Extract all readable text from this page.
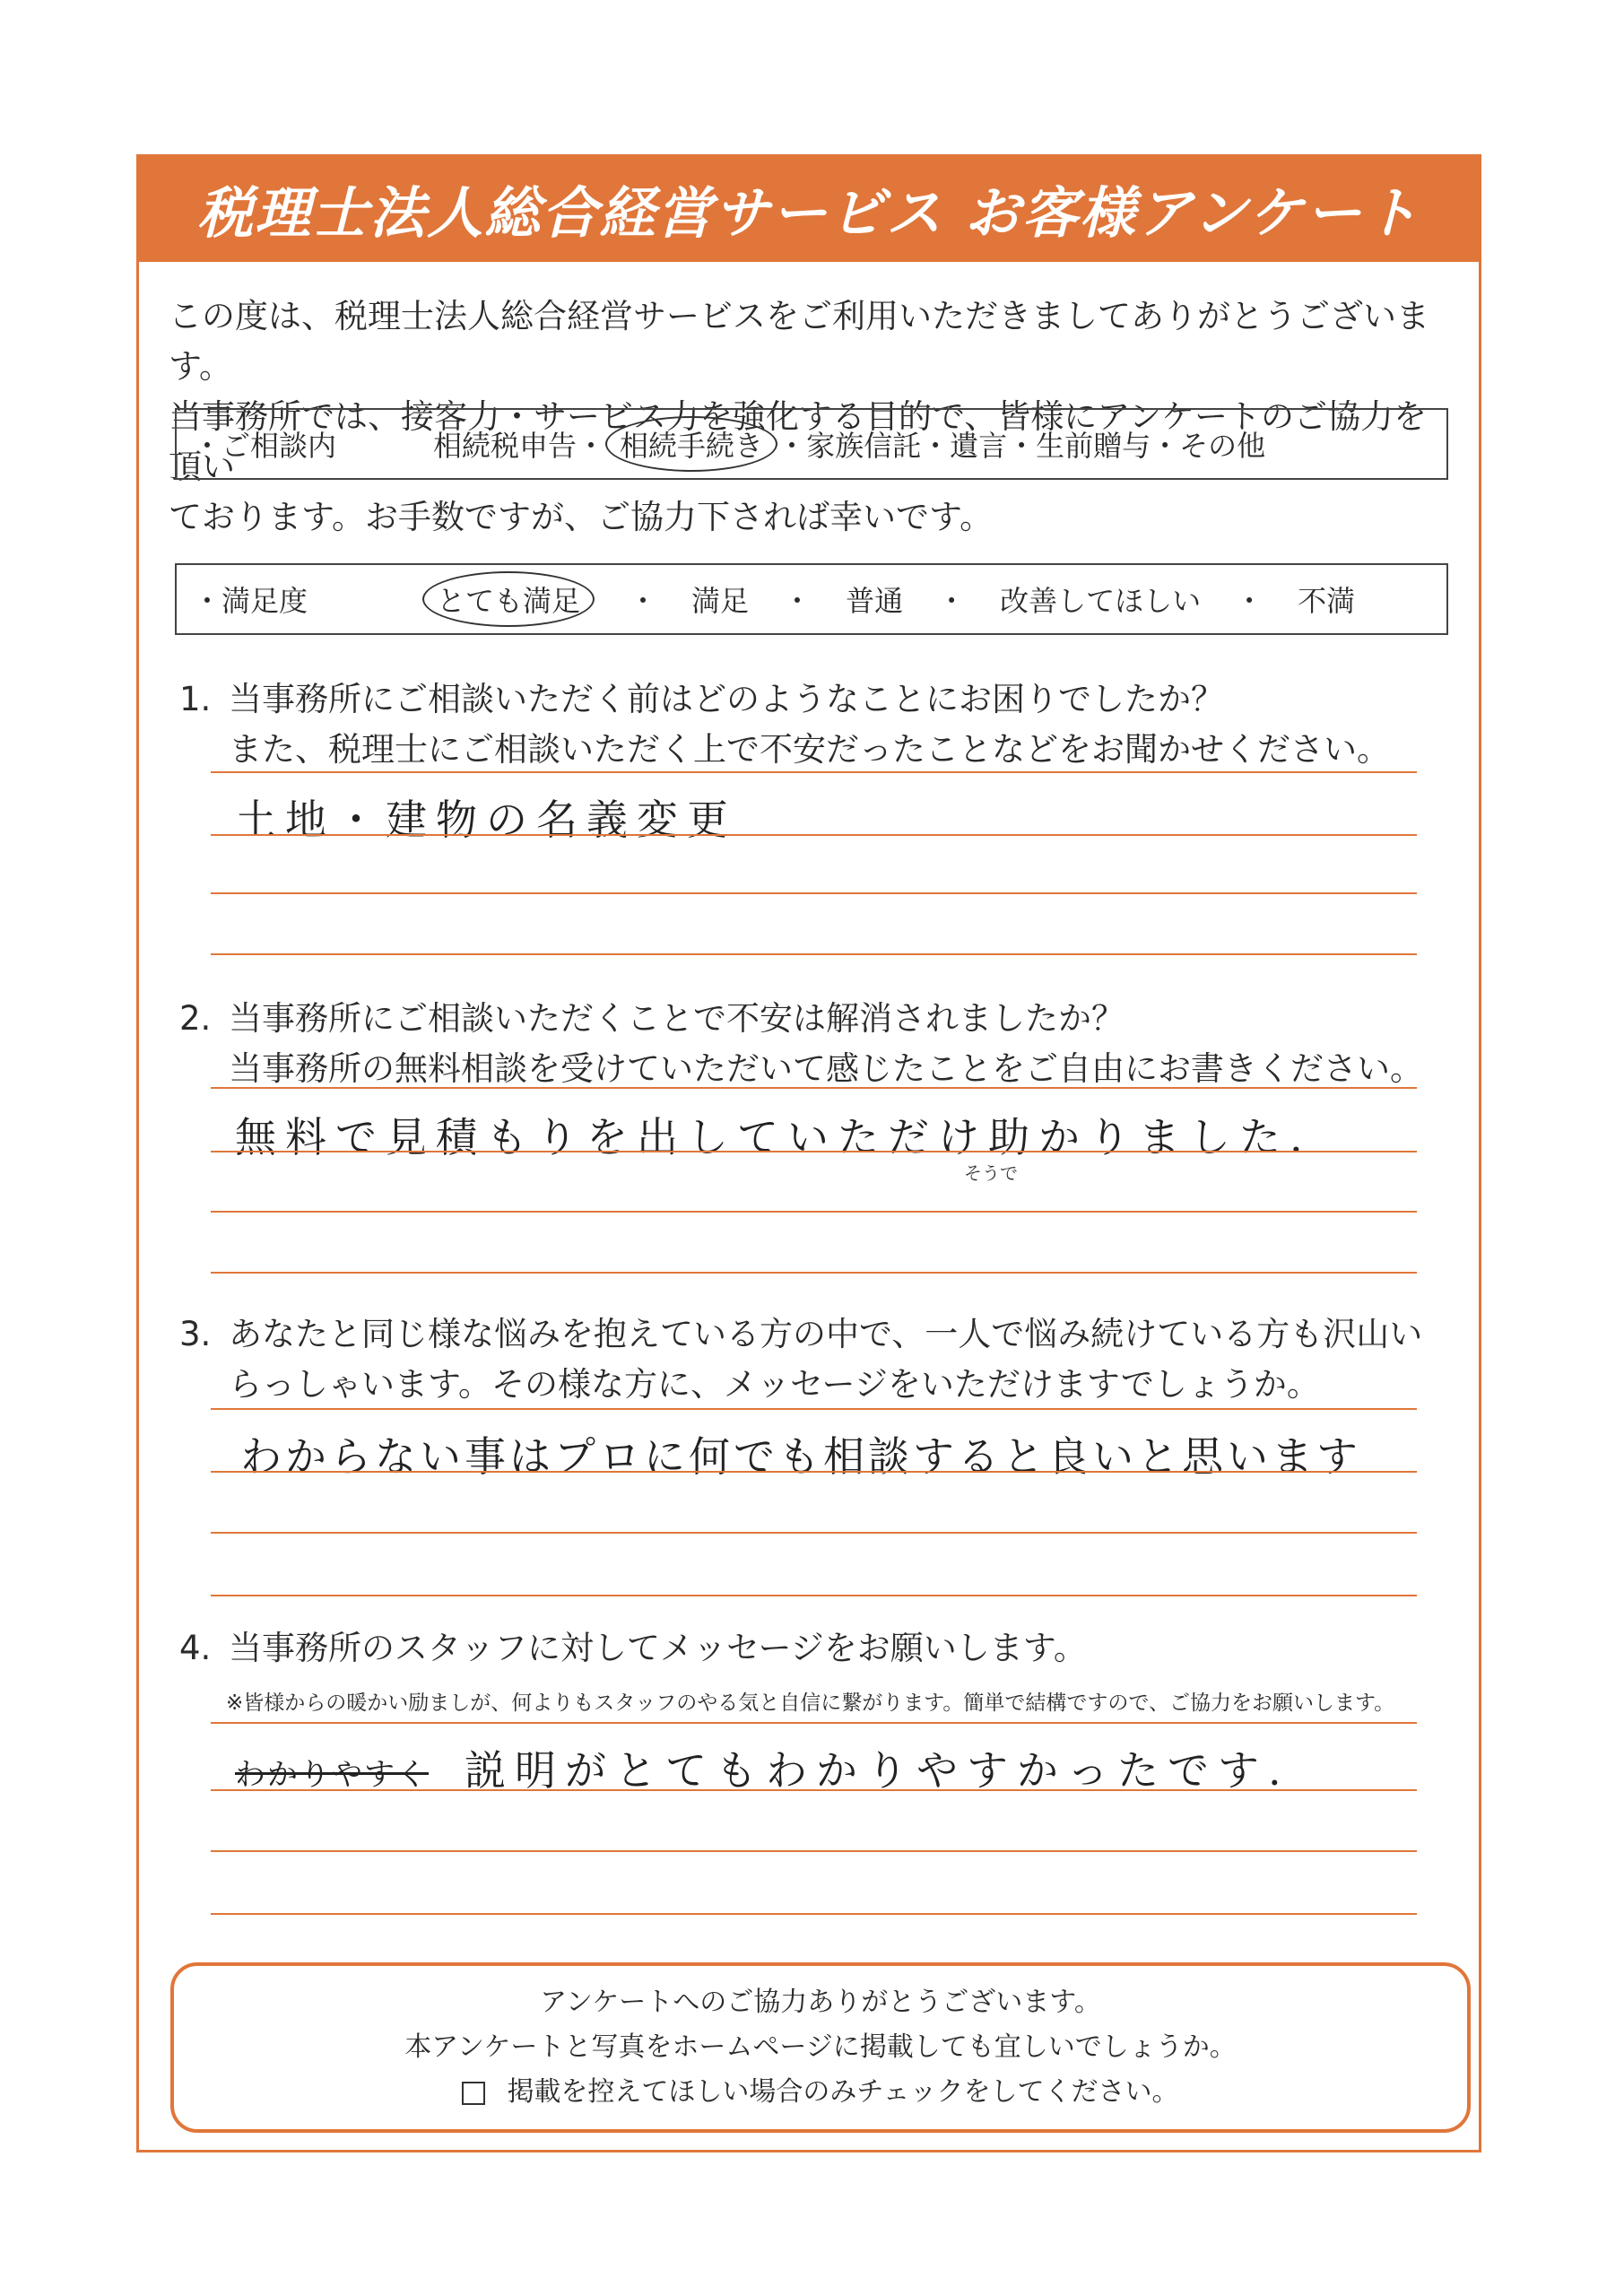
税理士法人総合経営サービス お客様アンケート
この度は、税理士法人総合経営サービスをご利用いただきましてありがとうございます。
当事務所では、接客力・サービス力を強化する目的で、皆様にアンケートのご協力を頂い
ております。お手数ですが、ご協力下されば幸いです。
・ご相談内	相続税申告 ・ 相続手続き ・ 家族信託 ・ 遺言 ・ 生前贈与 ・ その他
・満足度	とても満足	・ 満足 ・ 普通 ・ 改善してほしい ・ 不満
1. 当事務所にご相談いただく前はどのようなことにお困りでしたか？
また、税理士にご相談いただく上で不安だったことなどをお聞かせください。
土地・建物の名義変更
2. 当事務所にご相談いただくことで不安は解消されましたか？
当事務所の無料相談を受けていただいて感じたことをご自由にお書きください。
無料で見積もりを出していただけ助かりました.
そうで
3. あなたと同じ様な悩みを抱えている方の中で、一人で悩み続けている方も沢山い
らっしゃいます。その様な方に、メッセージをいただけますでしょうか。
わからない事はプロに何でも相談すると良いと思います
4. 当事務所のスタッフに対してメッセージをお願いします。
※皆様からの暖かい励ましが、何よりもスタッフのやる気と自信に繋がります。簡単で結構ですので、ご協力をお願いします。
わかりやすく 説明がとてもわかりやすかったです.
アンケートへのご協力ありがとうございます。
本アンケートと写真をホームページに掲載しても宜しいでしょうか。
掲載を控えてほしい場合のみチェックをしてください。
